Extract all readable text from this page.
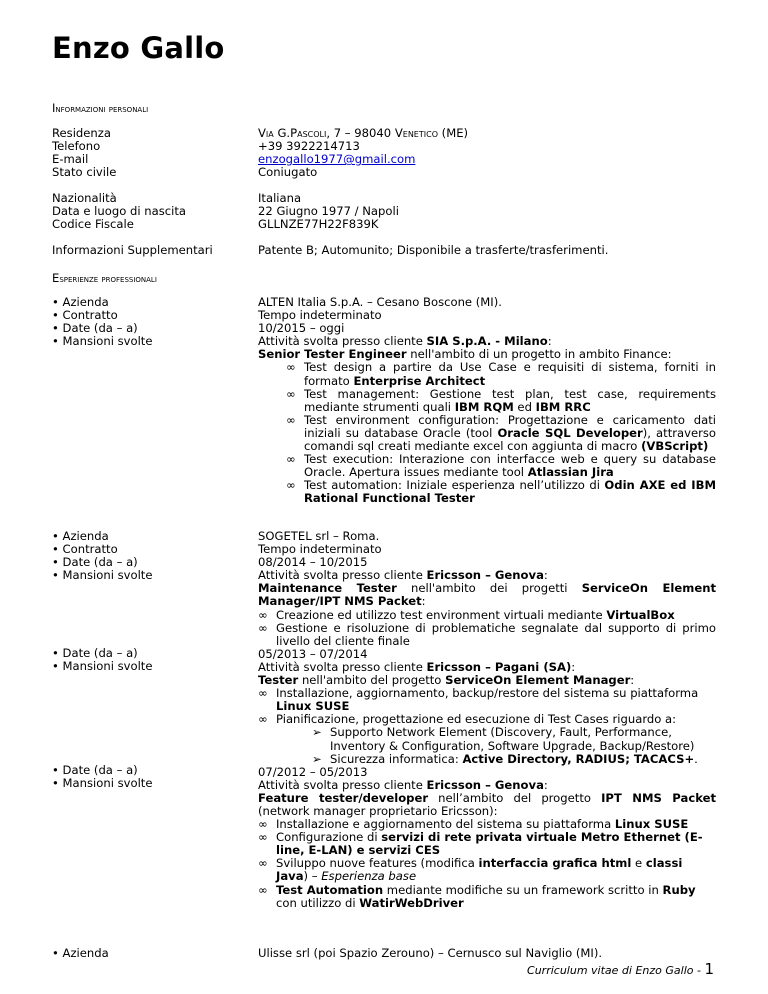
Enzo Gallo
Informazioni personali
Residenza
Telefono
E-mail
Stato civile
Via G.Pascoli, 7 – 98040 Venetico (ME)
+39 3922214713
enzogallo1977@gmail.com
Coniugato
Nazionalità
Data e luogo di nascita
Codice Fiscale
Italiana
22 Giugno 1977 / Napoli
GLLNZE77H22F839K
Informazioni Supplementari	Patente B; Automunito; Disponibile a trasferte/trasferimenti.
Esperienze professionali
• Azienda
• Contratto
• Date (da – a)
• Mansioni svolte
ALTEN Italia S.p.A. – Cesano Boscone (MI).
Tempo indeterminato
10/2015 – oggi
Attività svolta presso cliente SIA S.p.A. - Milano:
Senior Tester Engineer nell'ambito di un progetto in ambito Finance:
∞ Test design a partire da Use Case e requisiti di sistema, forniti in formato Enterprise Architect
∞ Test management: Gestione test plan, test case, requirements mediante strumenti quali IBM RQM ed IBM RRC
∞ Test environment configuration: Progettazione e caricamento dati iniziali su database Oracle (tool Oracle SQL Developer), attraverso comandi sql creati mediante excel con aggiunta di macro (VBScript)
∞ Test execution: Interazione con interfacce web e query su database Oracle. Apertura issues mediante tool Atlassian Jira
∞ Test automation: Iniziale esperienza nell’utilizzo di Odin AXE ed IBM Rational Functional Tester
• Azienda
• Contratto
• Date (da – a)
• Mansioni svolte
• Date (da – a)
• Mansioni svolte
• Date (da – a)
• Mansioni svolte
SOGETEL srl – Roma.
Tempo indeterminato
08/2014 – 10/2015
Attività svolta presso cliente Ericsson – Genova:
Maintenance Tester nell'ambito dei progetti ServiceOn Element Manager/IPT NMS Packet:
∞ Creazione ed utilizzo test environment virtuali mediante VirtualBox
∞ Gestione e risoluzione di problematiche segnalate dal supporto di primo livello del cliente finale
05/2013 – 07/2014
Attività svolta presso cliente Ericsson – Pagani (SA):
Tester nell'ambito del progetto ServiceOn Element Manager:
∞ Installazione, aggiornamento, backup/restore del sistema su piattaforma Linux SUSE
∞ Pianificazione, progettazione ed esecuzione di Test Cases riguardo a:
➢ Supporto Network Element (Discovery, Fault, Performance, Inventory & Configuration, Software Upgrade, Backup/Restore)
➢ Sicurezza informatica: Active Directory, RADIUS; TACACS+.
07/2012 – 05/2013
Attività svolta presso cliente Ericsson – Genova:
Feature tester/developer nell’ambito del progetto IPT NMS Packet (network manager proprietario Ericsson):
∞ Installazione e aggiornamento del sistema su piattaforma Linux SUSE
∞ Configurazione di servizi di rete privata virtuale Metro Ethernet (E-line, E-LAN) e servizi CES
∞ Sviluppo nuove features (modifica interfaccia grafica html e classi Java) – Esperienza base
∞ Test Automation mediante modifiche su un framework scritto in Ruby con utilizzo di WatirWebDriver
• Azienda	Ulisse srl (poi Spazio Zerouno) – Cernusco sul Naviglio (MI).
Curriculum vitae di Enzo Gallo - 1
